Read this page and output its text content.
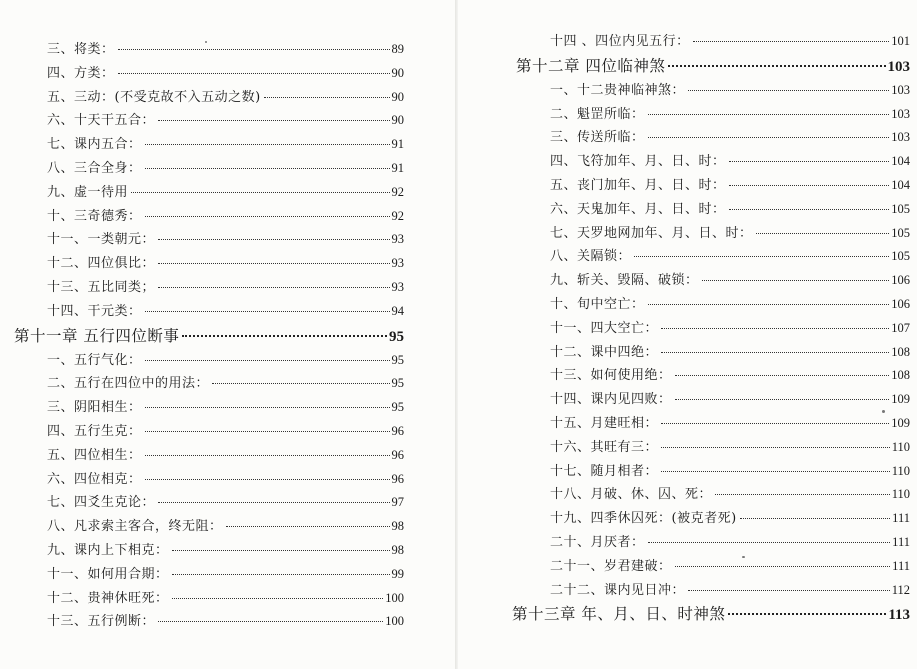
三、将类：	89
四、方类：	90
五、三动：(不受克故不入五动之数)	90
六、十天干五合：	90
七、课内五合：	91
八、三合全身：	91
九、虚一待用	92
十、三奇德秀：	92
十一、一类朝元：	93
十二、四位俱比：	93
十三、五比同类；	93
十四、干元类：	94
第十一章 五行四位断事	95
一、五行气化：	95
二、五行在四位中的用法：	95
三、阴阳相生：	95
四、五行生克：	96
五、四位相生：	96
六、四位相克：	96
七、四爻生克论：	97
八、凡求索主客合，终无阻：	98
九、课内上下相克：	98
十一、如何用合期：	99
十二、贵神休旺死：	100
十三、五行例断：	100
十四 、四位内见五行：	101
第十二章 四位临神煞	103
一、十二贵神临神煞：	103
二、魁罡所临：	103
三、传送所临：	103
四、飞符加年、月、日、时：	104
五、丧门加年、月、日、时：	104
六、天鬼加年、月、日、时：	105
七、天罗地网加年、月、日、时：	105
八、关隔锁：	105
九、斩关、毁隔、破锁：	106
十、旬中空亡：	106
十一、四大空亡：	107
十二、课中四绝：	108
十三、如何使用绝：	108
十四、课内见四败：	109
十五、月建旺相：	109
十六、其旺有三：	110
十七、随月相者：	110
十八、月破、休、囚、死：	110
十九、四季休囚死：(被克者死)	111
二十、月厌者：	111
二十一、岁君建破：	111
二十二、课内见日冲：	112
第十三章 年、月、日、时神煞	113
